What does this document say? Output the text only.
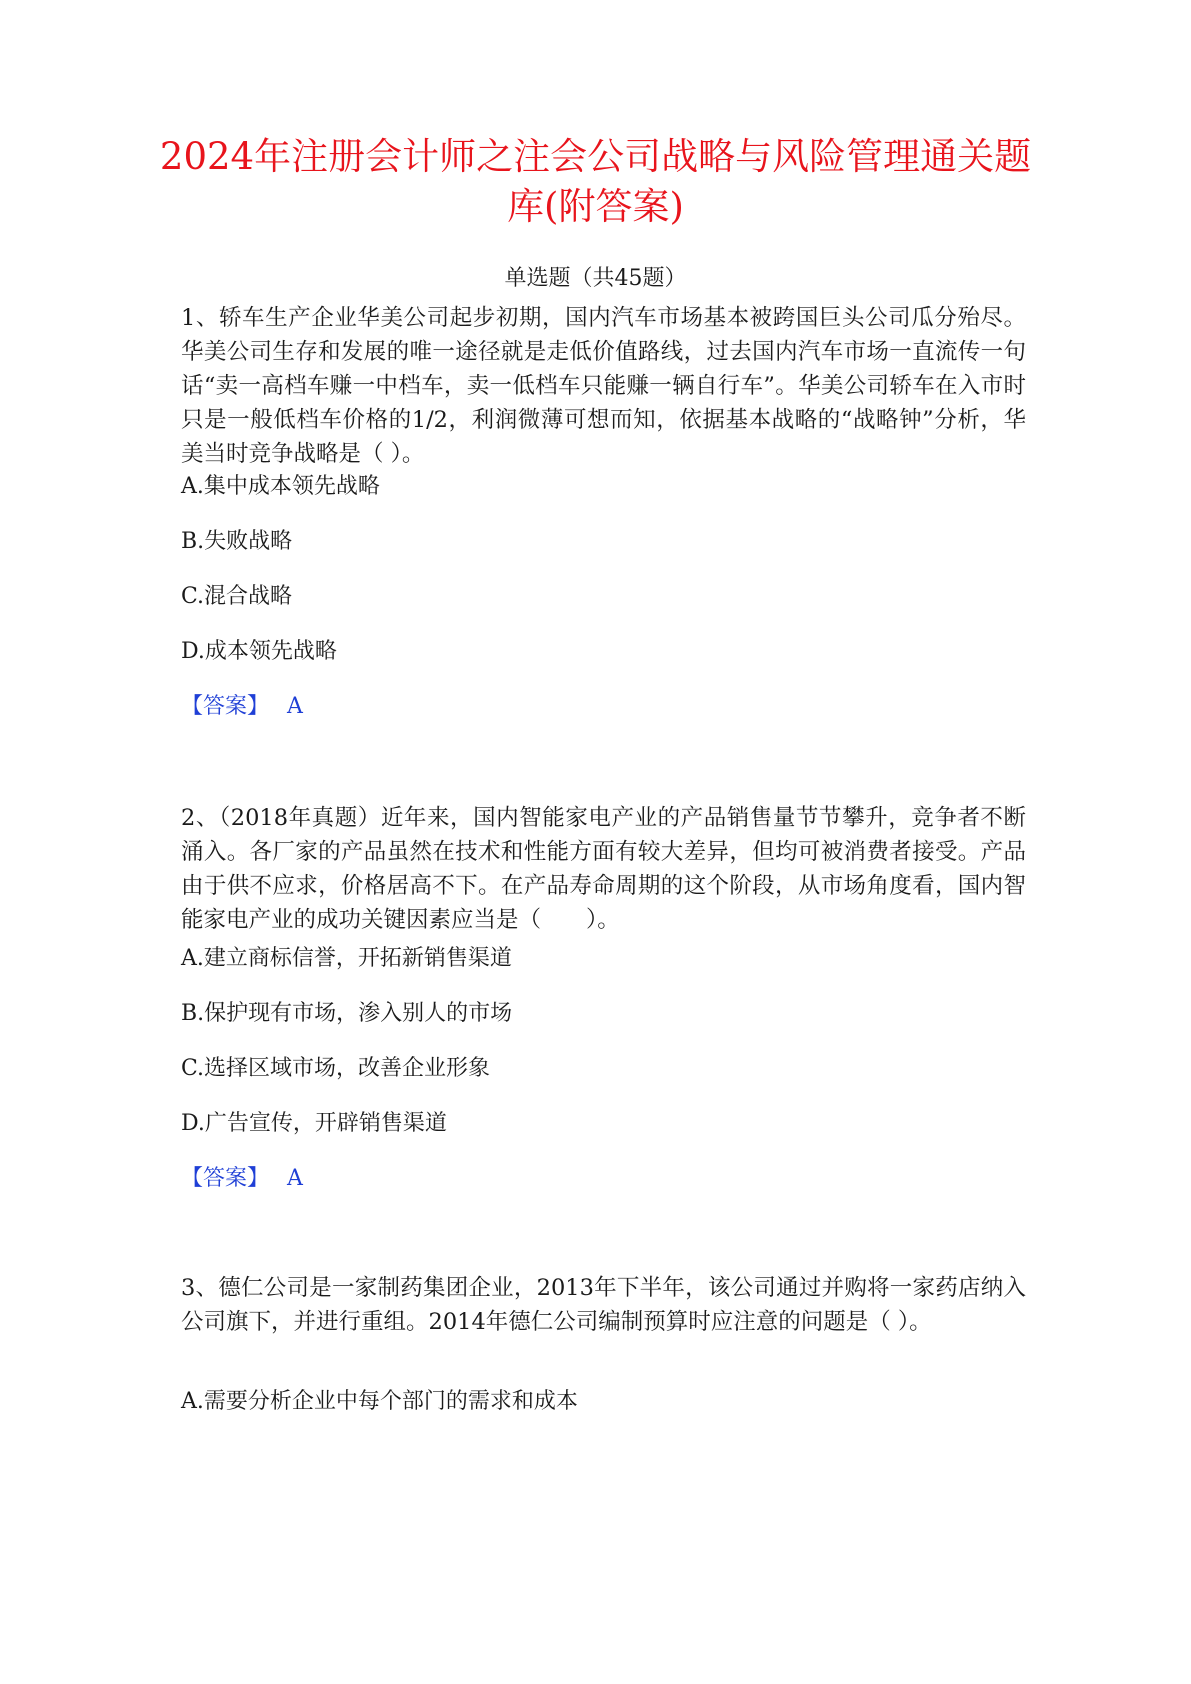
2024年注册会计师之注会公司战略与风险管理通关题库(附答案)

单选题（共45题）

1、轿车生产企业华美公司起步初期，国内汽车市场基本被跨国巨头公司瓜分殆尽。华美公司生存和发展的唯一途径就是走低价值路线，过去国内汽车市场一直流传一句话“卖一高档车赚一中档车，卖一低档车只能赚一辆自行车”。华美公司轿车在入市时只是一般低档车价格的1/2，利润微薄可想而知，依据基本战略的“战略钟”分析，华美当时竞争战略是（ ）。

A.集中成本领先战略

B.失败战略

C.混合战略

D.成本领先战略

【答案】 A

2、（2018年真题）近年来，国内智能家电产业的产品销售量节节攀升，竞争者不断涌入。各厂家的产品虽然在技术和性能方面有较大差异，但均可被消费者接受。产品由于供不应求，价格居高不下。在产品寿命周期的这个阶段，从市场角度看，国内智能家电产业的成功关键因素应当是（　　）。

A.建立商标信誉，开拓新销售渠道

B.保护现有市场，渗入别人的市场

C.选择区域市场，改善企业形象

D.广告宣传，开辟销售渠道

【答案】 A

3、德仁公司是一家制药集团企业，2013年下半年，该公司通过并购将一家药店纳入公司旗下，并进行重组。2014年德仁公司编制预算时应注意的问题是（ ）。

A.需要分析企业中每个部门的需求和成本
